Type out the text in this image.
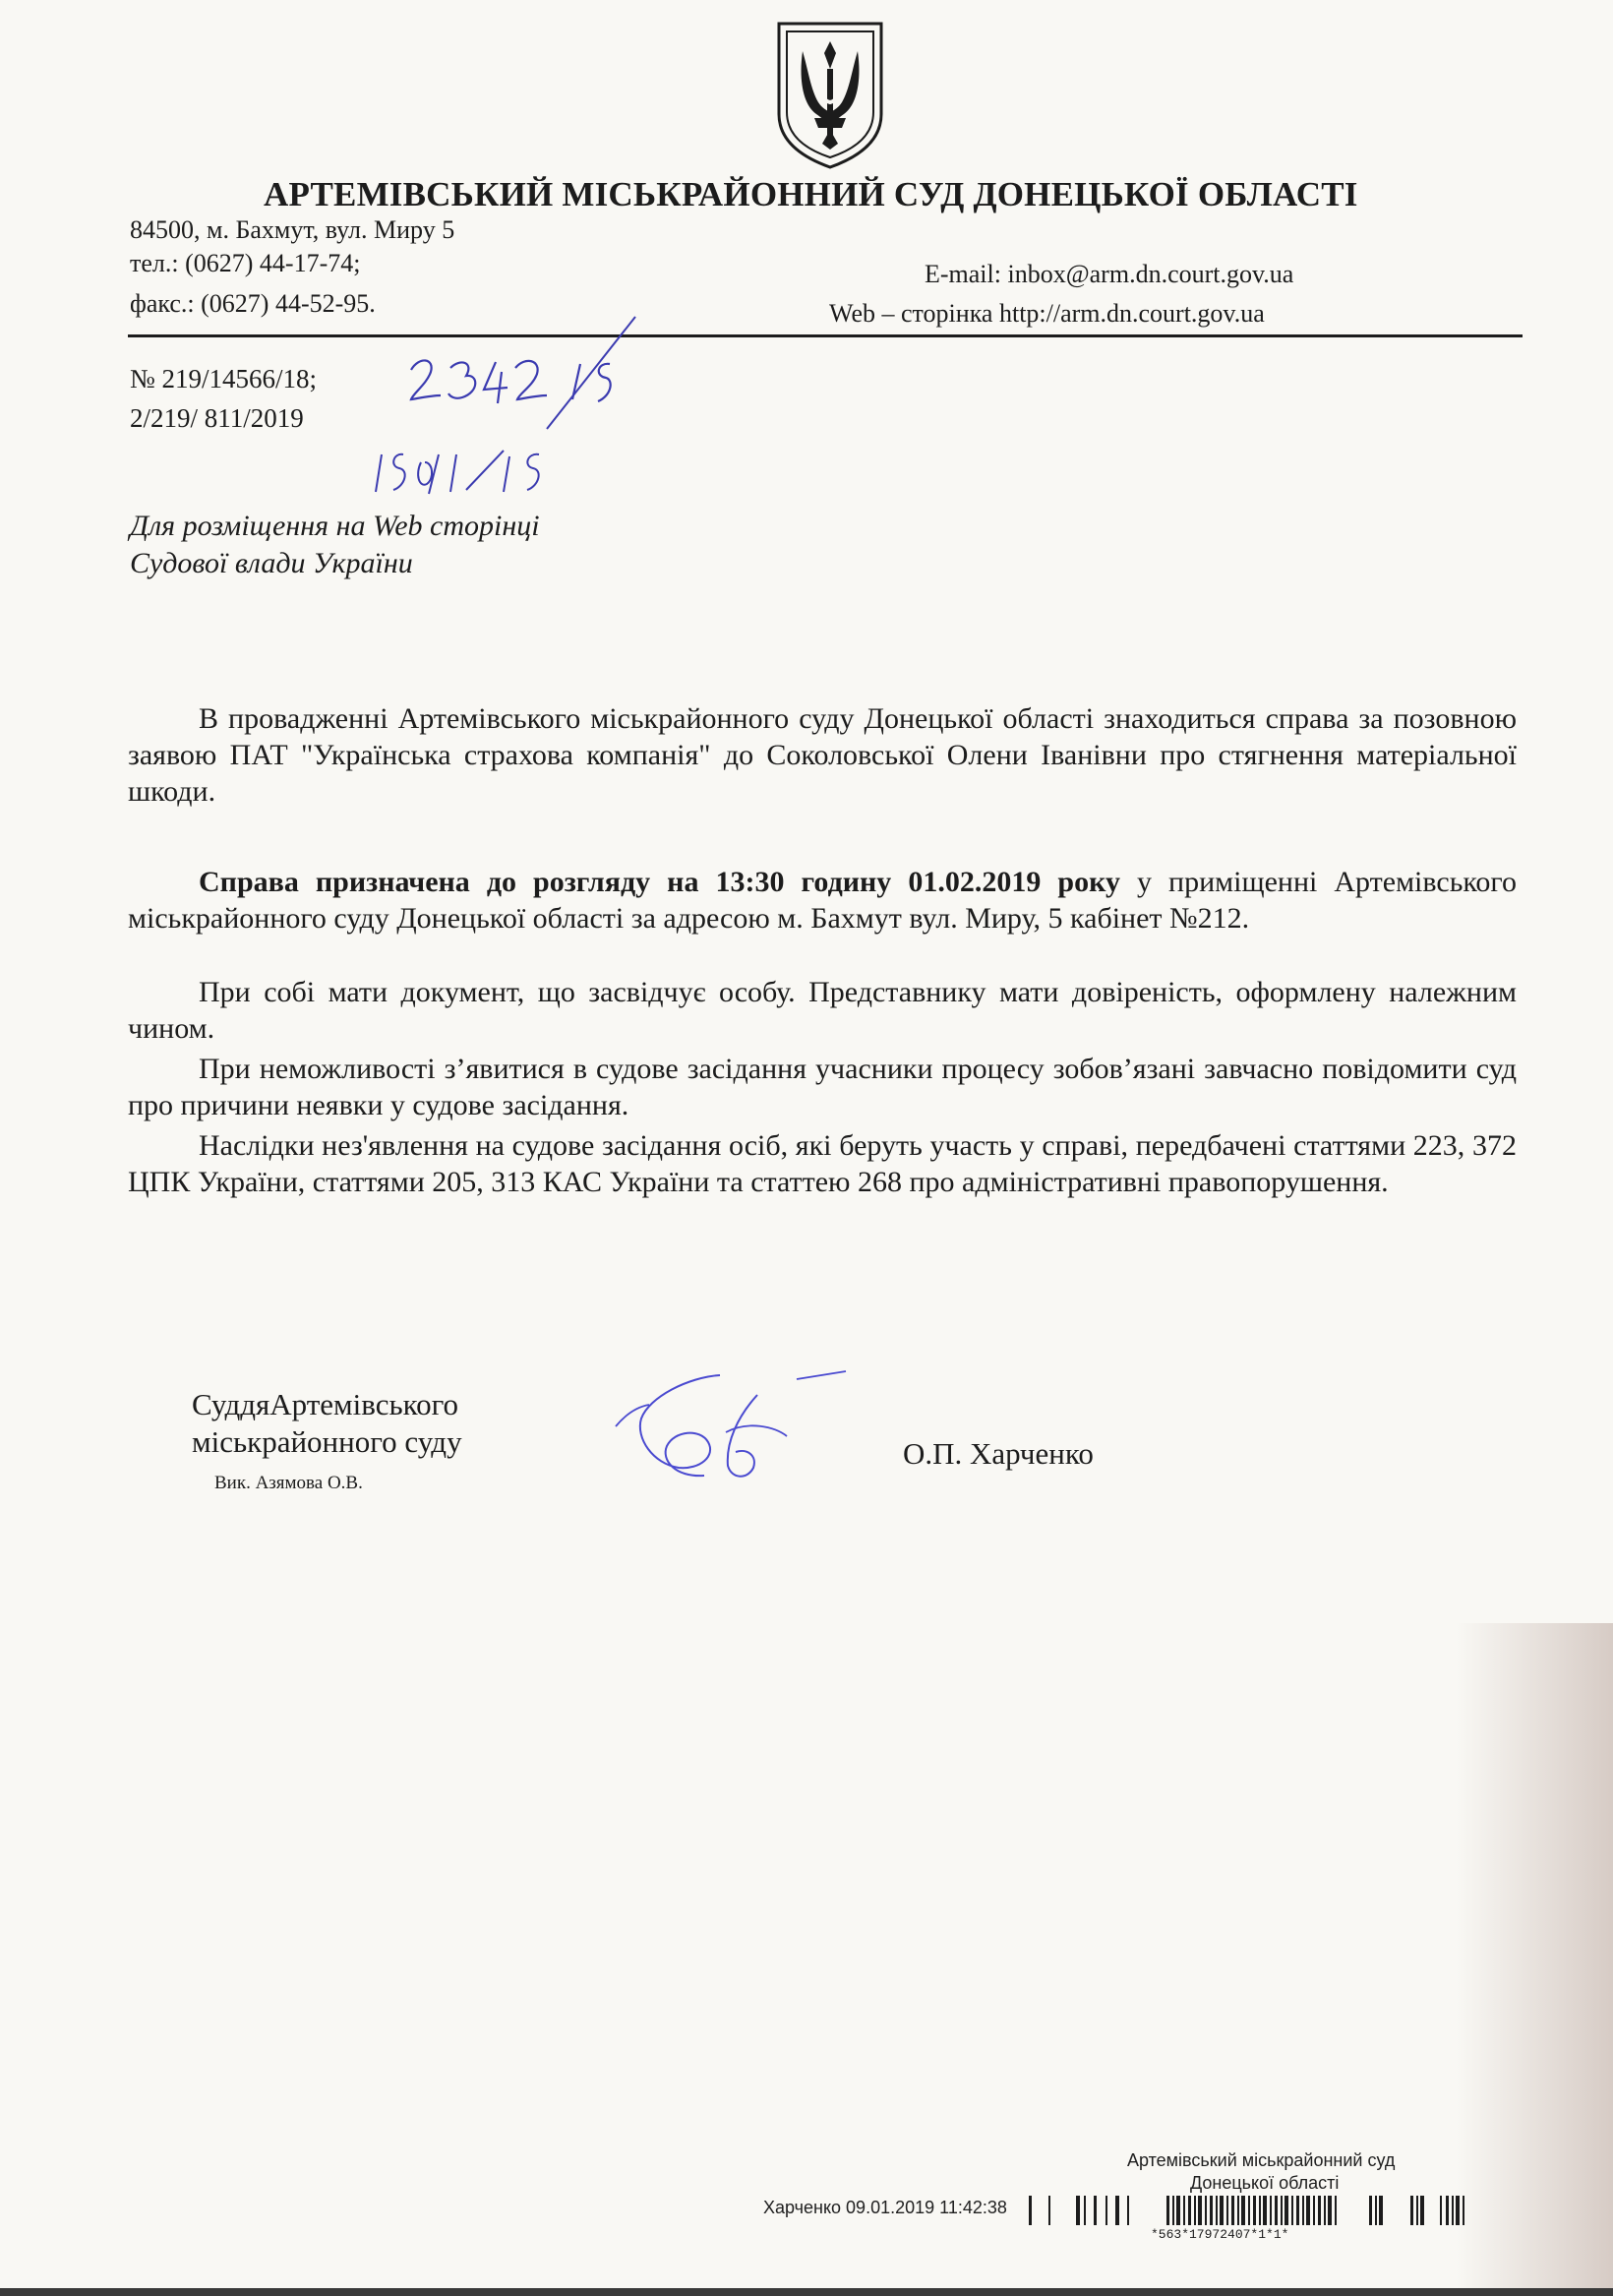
АРТЕМІВСЬКИЙ МІСЬКРАЙОННИЙ СУД ДОНЕЦЬКОЇ ОБЛАСТІ
84500, м. Бахмут, вул. Миру 5
тел.: (0627) 44-17-74;
факс.: (0627) 44-52-95.
E-mail: inbox@arm.dn.court.gov.ua
Web – сторінка http://arm.dn.court.gov.ua
№ 219/14566/18;
2/219/ 811/2019
Для розміщення на Web сторінці
Судової влади України
В провадженні Артемівського міськрайонного суду Донецької області знаходиться справа за позовною заявою ПАТ "Українська страхова компанія" до Соколовської Олени Іванівни про стягнення матеріальної шкоди.
Справа призначена до розгляду на 13:30 годину 01.02.2019 року у приміщенні Артемівського міськрайонного суду Донецької області за адресою м. Бахмут вул. Миру, 5 кабінет №212.
При собі мати документ, що засвідчує особу. Представнику мати довіреність, оформлену належним чином.
При неможливості з’явитися в судове засідання учасники процесу зобов’язані завчасно повідомити суд про причини неявки у судове засідання.
Наслідки нез'явлення на судове засідання осіб, які беруть участь у справі, передбачені статтями 223, 372 ЦПК України, статтями 205, 313 КАС України та статтею 268 про адміністративні правопорушення.
СуддяАртемівського
міськрайонного суду
Вик. Азямова О.В.
О.П. Харченко
Артемівський міськрайонний суд
Донецької області
Харченко 09.01.2019 11:42:38
*563*17972407*1*1*
